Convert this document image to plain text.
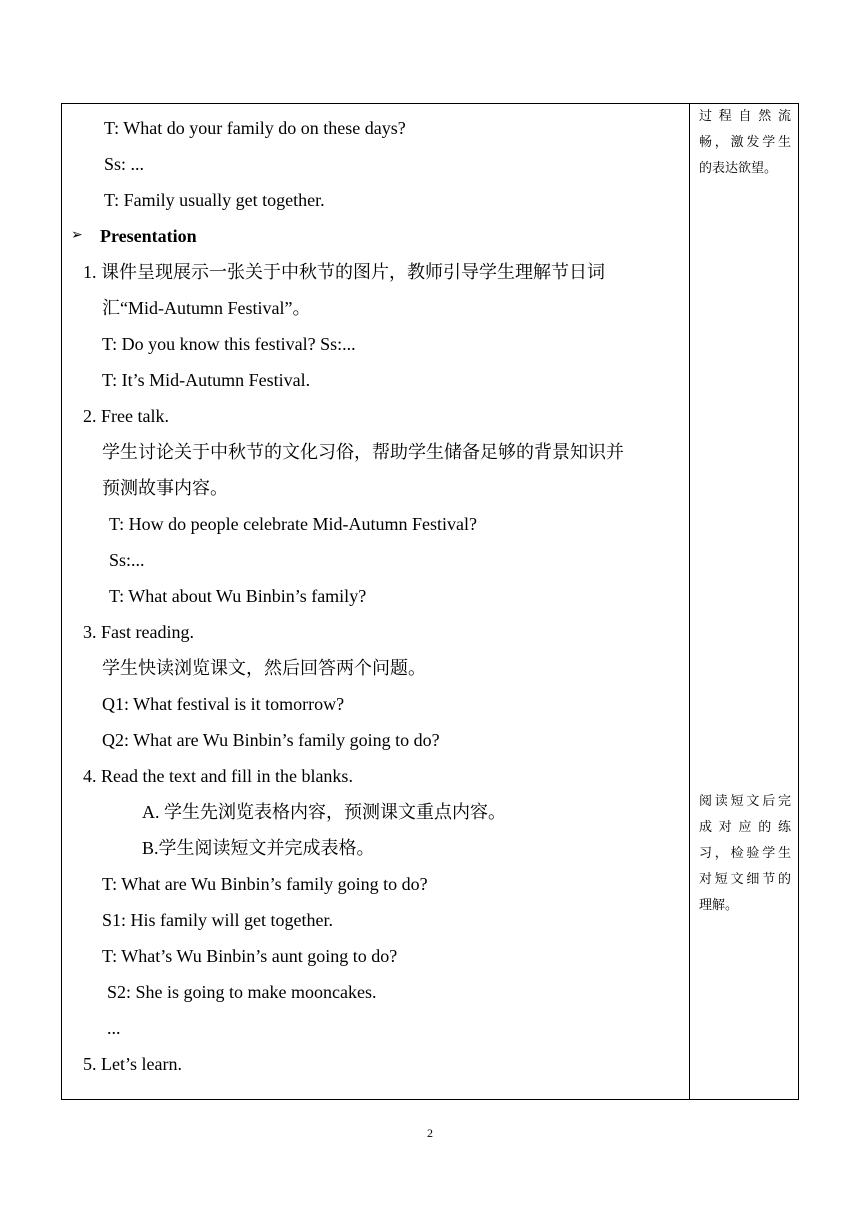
T: What do your family do on these days?
Ss: ...
T: Family usually get together.
➢ Presentation
1. 课件呈现展示一张关于中秋节的图片，教师引导学生理解节日词
汇“Mid-Autumn Festival”。
T: Do you know this festival? Ss:...
T: It’s Mid-Autumn Festival.
2. Free talk.
学生讨论关于中秋节的文化习俗，帮助学生储备足够的背景知识并
预测故事内容。
T: How do people celebrate Mid-Autumn Festival?
Ss:...
T: What about Wu Binbin’s family?
3. Fast reading.
学生快读浏览课文，然后回答两个问题。
Q1: What festival is it tomorrow?
Q2: What are Wu Binbin’s family going to do?
4. Read the text and fill in the blanks.
A. 学生先浏览表格内容，预测课文重点内容。
B.学生阅读短文并完成表格。
T: What are Wu Binbin’s family going to do?
S1: His family will get together.
T: What’s Wu Binbin’s aunt going to do?
S2: She is going to make mooncakes.
...
5. Let’s learn.
过程自然流
畅，激发学生
的表达欲望。
阅读短文后完
成对应的练
习，检验学生
对短文细节的
理解。
2
